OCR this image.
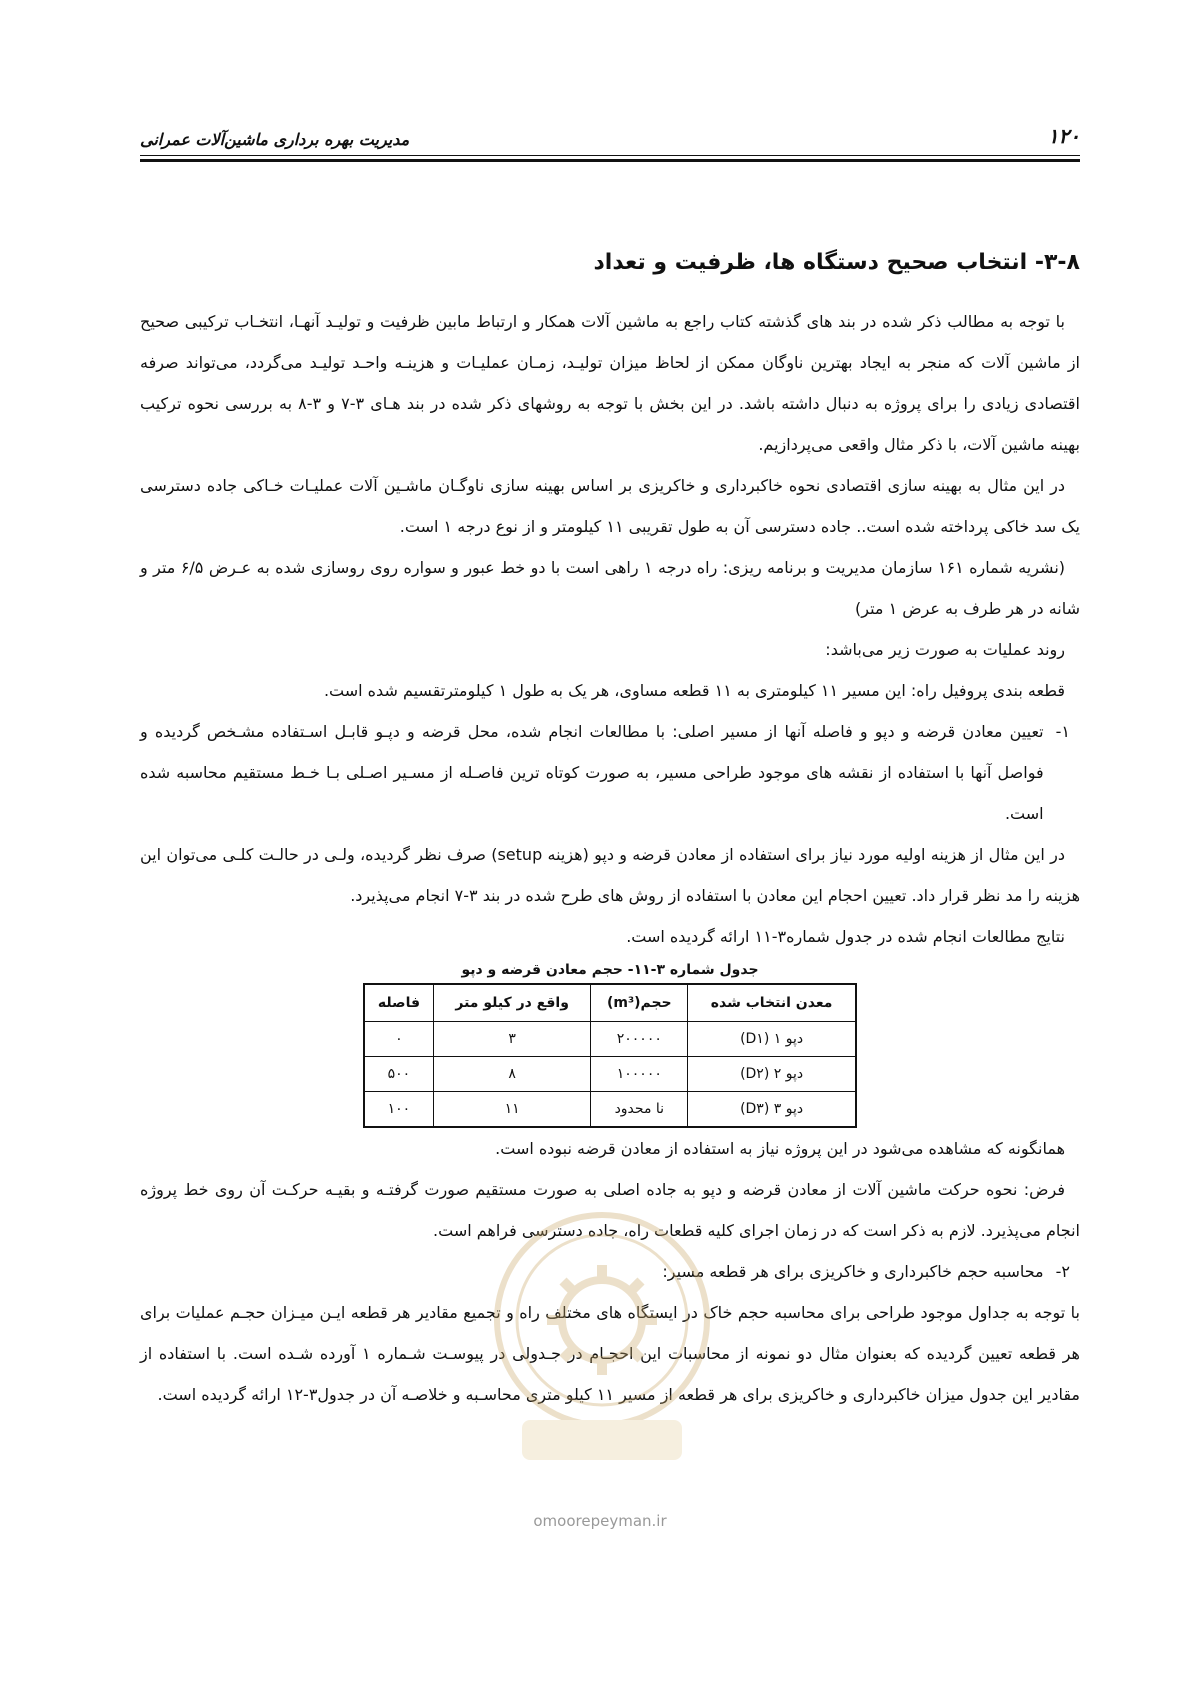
مدیریت بهره برداری ماشین‌آلات عمرانی	۱۲۰
۳-۸- انتخاب صحیح دستگاه ها، ظرفیت و تعداد

با توجه به مطالب ذکر شده در بند های گذشته کتاب راجع به ماشین آلات همکار و ارتباط مابین ظرفیت و تولیـد آنهـا، انتخـاب ترکیبی صحیح از ماشین آلات که منجر به ایجاد بهترین ناوگان ممکن از لحاظ میزان تولیـد، زمـان عملیـات و هزینـه واحـد تولیـد می‌گردد، می‌تواند صرفه اقتصادی زیادی را برای پروژه به دنبال داشته باشد. در این بخش با توجه به روشهای ذکر شده در بند هـای ۳-۷ و ۳-۸ به بررسی نحوه ترکیب بهینه ماشین آلات، با ذکر مثال واقعی می‌پردازیم.

در این مثال به بهینه سازی اقتصادی نحوه خاکبرداری و خاکریزی بر اساس بهینه سازی ناوگـان ماشـین آلات عملیـات خـاکی جاده دسترسی یک سد خاکی پرداخته شده است.. جاده دسترسی آن به طول تقریبی ۱۱ کیلومتر و از نوع درجه ۱ است.

(نشریه شماره ۱۶۱ سازمان مدیریت و برنامه ریزی: راه درجه ۱ راهی است با دو خط عبور و سواره روی روسازی شده به عـرض ۶/۵ متر و شانه در هر طرف به عرض ۱ متر)

روند عملیات به صورت زیر می‌باشد:

قطعه بندی پروفیل راه: این مسیر ۱۱ کیلومتری به ۱۱ قطعه مساوی، هر یک به طول ۱ کیلومترتقسیم شده است.

۱-
تعیین معادن قرضه و دپو و فاصله آنها از مسیر اصلی: با مطالعات انجام شده، محل قرضه و دپـو قابـل اسـتفاده مشـخص گردیده و فواصل آنها با استفاده از نقشه های موجود طراحی مسیر، به صورت کوتاه ترین فاصـله از مسـیر اصـلی بـا خـط مستقیم محاسبه شده است.

در این مثال از هزینه اولیه مورد نیاز برای استفاده از معادن قرضه و دپو (هزینه setup) صرف نظر گردیده، ولـی در حالـت کلـی می‌توان این هزینه را مد نظر قرار داد. تعیین احجام این معادن با استفاده از روش های طرح شده در بند ۳-۷ انجام می‌پذیرد.

نتایج مطالعات انجام شده در جدول شماره۳-۱۱ ارائه گردیده است.

جدول شماره ۳-۱۱- حجم معادن قرضه و دپو
معدن انتخاب شده	حجم(m³)	واقع در کیلو متر	فاصله
دپو ۱ (D۱)	۲۰۰۰۰۰	۳	۰
دپو ۲ (D۲)	۱۰۰۰۰۰	۸	۵۰۰
دپو ۳ (D۳)	نا محدود	۱۱	۱۰۰

همانگونه که مشاهده می‌شود در این پروژه نیاز به استفاده از معادن قرضه نبوده است.

فرض: نحوه حرکت ماشین آلات از معادن قرضه و دپو به جاده اصلی به صورت مستقیم صورت گرفتـه و بقیـه حرکـت آن روی خط پروژه انجام می‌پذیرد. لازم به ذکر است که در زمان اجرای کلیه قطعات راه، جاده دسترسی فراهم است.

۲-
محاسبه حجم خاکبرداری و خاکریزی برای هر قطعه مسیر:

با توجه به جداول موجود طراحی برای محاسبه حجم خاک در ایستگاه های مختلف راه و تجمیع مقادیر هر قطعه ایـن میـزان حجـم عملیات برای هر قطعه تعیین گردیده که بعنوان مثال دو نمونه از محاسبات این احجـام در جـدولی در پیوسـت شـماره ۱ آورده شـده است. با استفاده از مقادیر این جدول میزان خاکبرداری و خاکریزی برای هر قطعه از مسیر ۱۱ کیلو متری محاسـبه و خلاصـه آن در جدول۳-۱۲ ارائه گردیده است.

omoorepeyman.ir
